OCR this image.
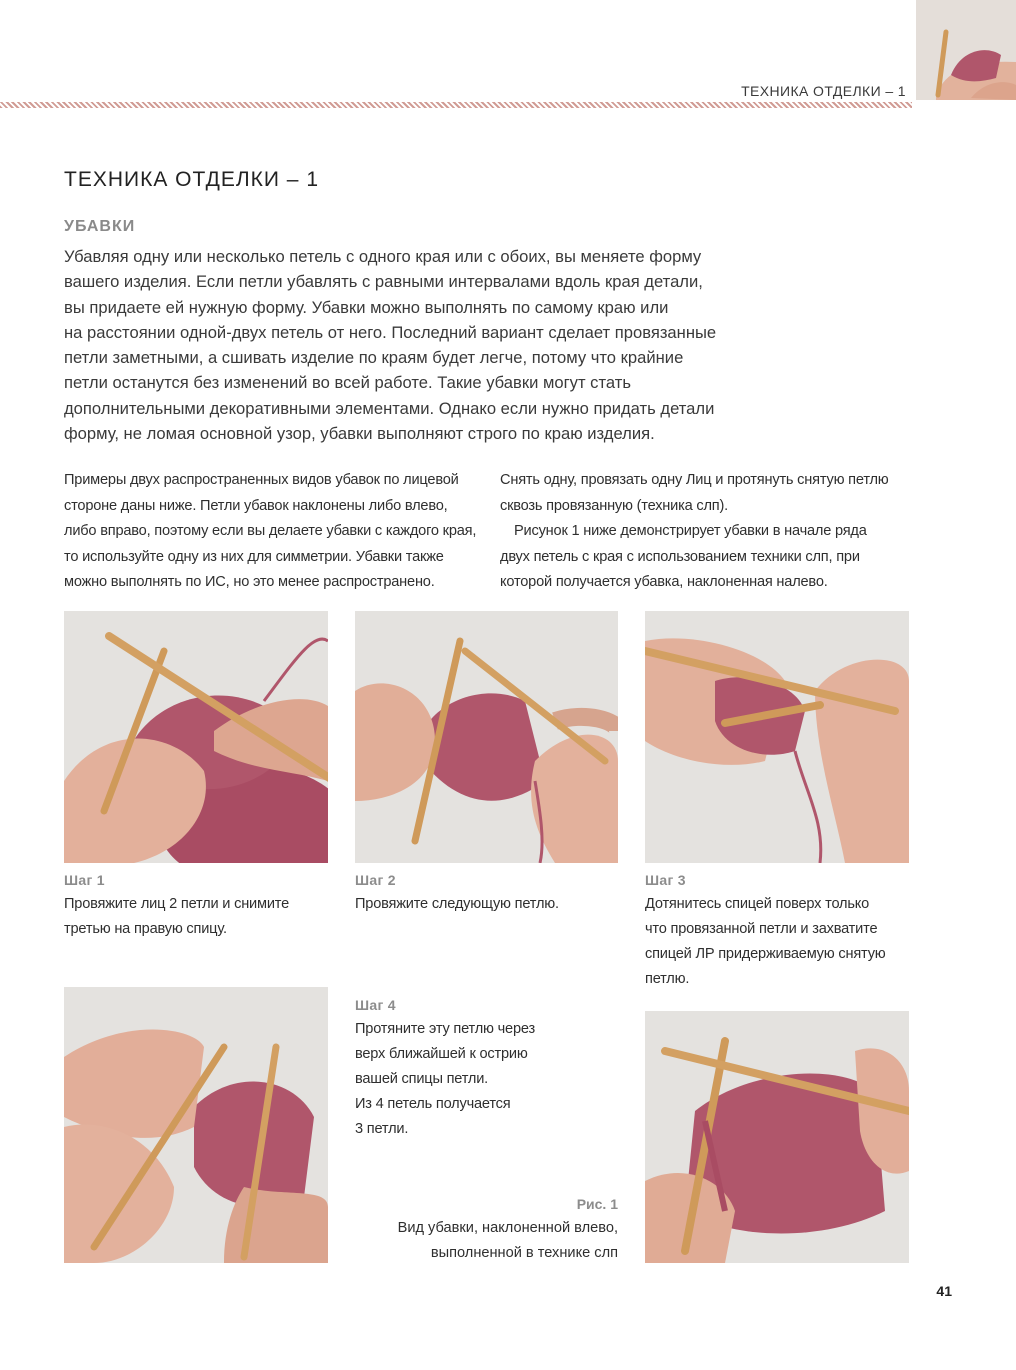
ТЕХНИКА ОТДЕЛКИ – 1
ТЕХНИКА ОТДЕЛКИ – 1
УБАВКИ

Убавляя одну или несколько петель с одного края или с обоих, вы меняете форму
вашего изделия. Если петли убавлять с равными интервалами вдоль края детали,
вы придаете ей нужную форму. Убавки можно выполнять по самому краю или
на расстоянии одной-двух петель от него. Последний вариант сделает провязанные
петли заметными, а сшивать изделие по краям будет легче, потому что крайние
петли останутся без изменений во всей работе. Такие убавки могут стать
дополнительными декоративными элементами. Однако если нужно придать детали
форму, не ломая основной узор, убавки выполняют строго по краю изделия.

Примеры двух распространенных видов убавок по лицевой
стороне даны ниже. Петли убавок наклонены либо влево,
либо вправо, поэтому если вы делаете убавки с каждого края,
то используйте одну из них для симметрии. Убавки также
можно выполнять по ИС, но это менее распространено.

Снять одну, провязать одну Лиц и протянуть снятую петлю
сквозь провязанную (техника слп).

Рисунок 1 ниже демонстрирует убавки в начале ряда
двух петель с края с использованием техники слп, при
которой получается убавка, наклоненная налево.

Шаг 1

Провяжите лиц 2 петли и снимите
третью на правую спицу.

Шаг 2

Провяжите следующую петлю.

Шаг 3

Дотянитесь спицей поверх только
что провязанной петли и захватите
спицей ЛР придерживаемую снятую
петлю.

Шаг 4

Протяните эту петлю через
верх ближайшей к острию
вашей спицы петли.
Из 4 петель получается
3 петли.

Рис. 1

Вид убавки, наклоненной влево,
выполненной в технике слп

41
